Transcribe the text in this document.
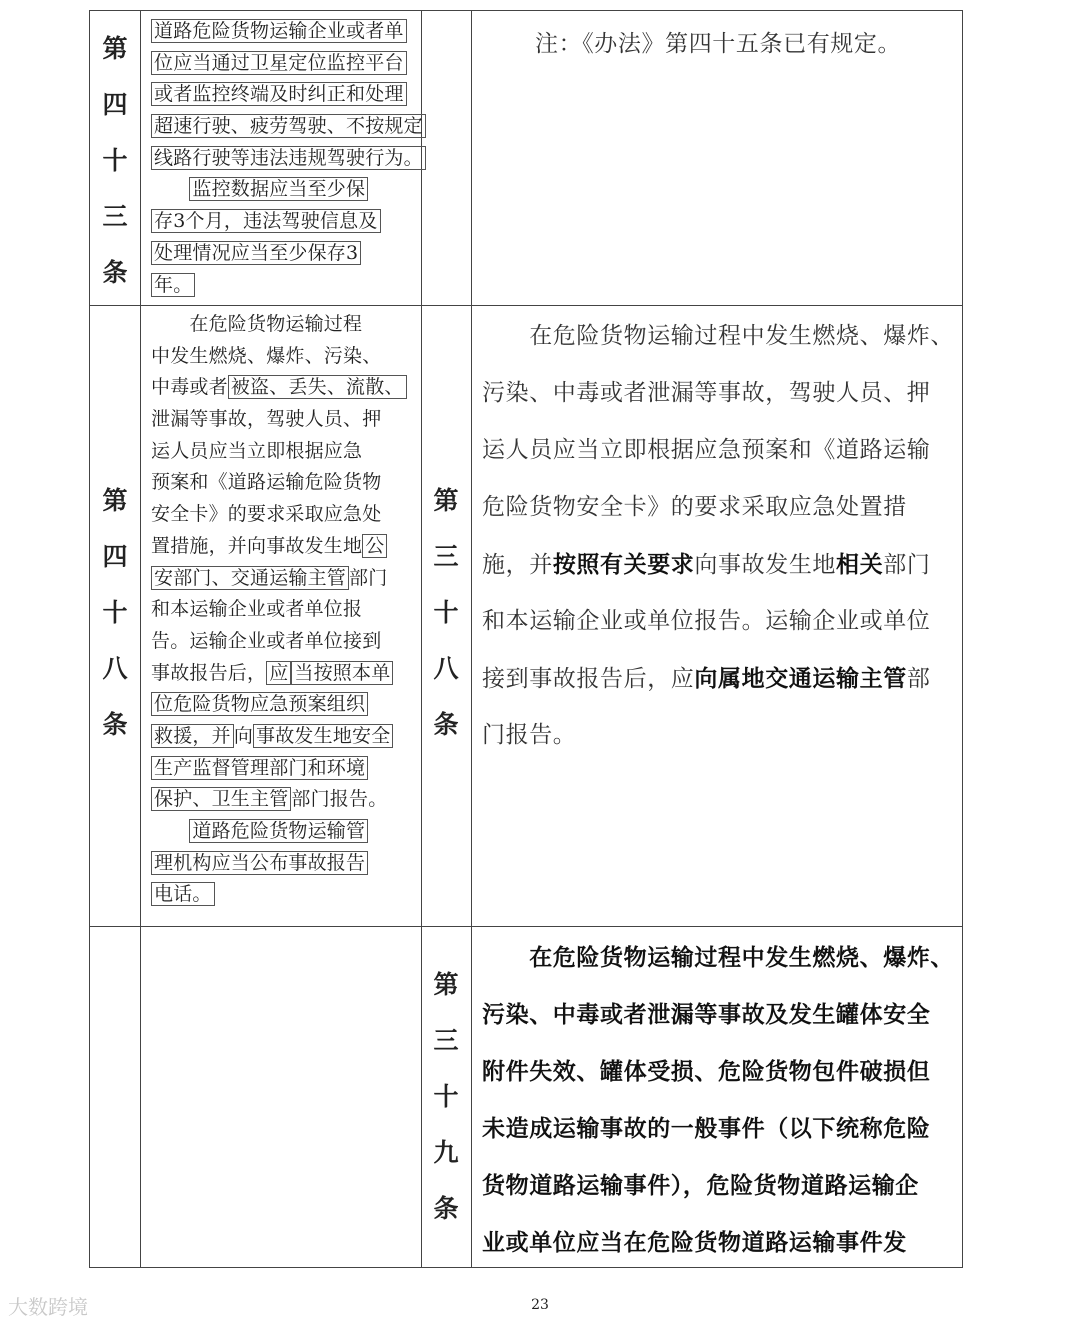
第
四
十
三
条
道路危险货物运输企业或者单
位应当通过卫星定位监控平台
或者监控终端及时纠正和处理
超速行驶、疲劳驾驶、不按规定
线路行驶等违法违规驾驶行为。
　　监控数据应当至少保
存3个月，违法驾驶信息及
处理情况应当至少保存3
年。
注：《办法》第四十五条已有规定。
第
四
十
八
条
　　在危险货物运输过程
中发生燃烧、爆炸、污染、
中毒或者 被盗、丢失、流散、
泄漏等事故，驾驶人员、押
运人员应当立即根据应急
预案和《道路运输危险货物
安全卡》的要求采取应急处
置措施，并向事故发生地 公
安部门、交通运输主管 部门
和本运输企业或者单位报
告。运输企业或者单位接到
事故报告后， 应 当按照本单
位危险货物应急预案组织
救援，并 向 事故发生地安全
生产监督管理部门和环境
保护、卫生主管 部门报告。
　　道路危险货物运输管
理机构应当公布事故报告
电话。
第
三
十
八
条
　　在危险货物运输过程中发生燃烧、爆炸、
污染、中毒或者泄漏等事故，驾驶人员、押
运人员应当立即根据应急预案和《道路运输
危险货物安全卡》的要求采取应急处置措
施，并按照有关要求向事故发生地相关部门
和本运输企业或单位报告。运输企业或单位
接到事故报告后，应向属地交通运输主管部
门报告。
第
三
十
九
条
　　在危险货物运输过程中发生燃烧、爆炸、
污染、中毒或者泄漏等事故及发生罐体安全
附件失效、罐体受损、危险货物包件破损但
未造成运输事故的一般事件（以下统称危险
货物道路运输事件），危险货物道路运输企
业或单位应当在危险货物道路运输事件发
23
大数跨境
